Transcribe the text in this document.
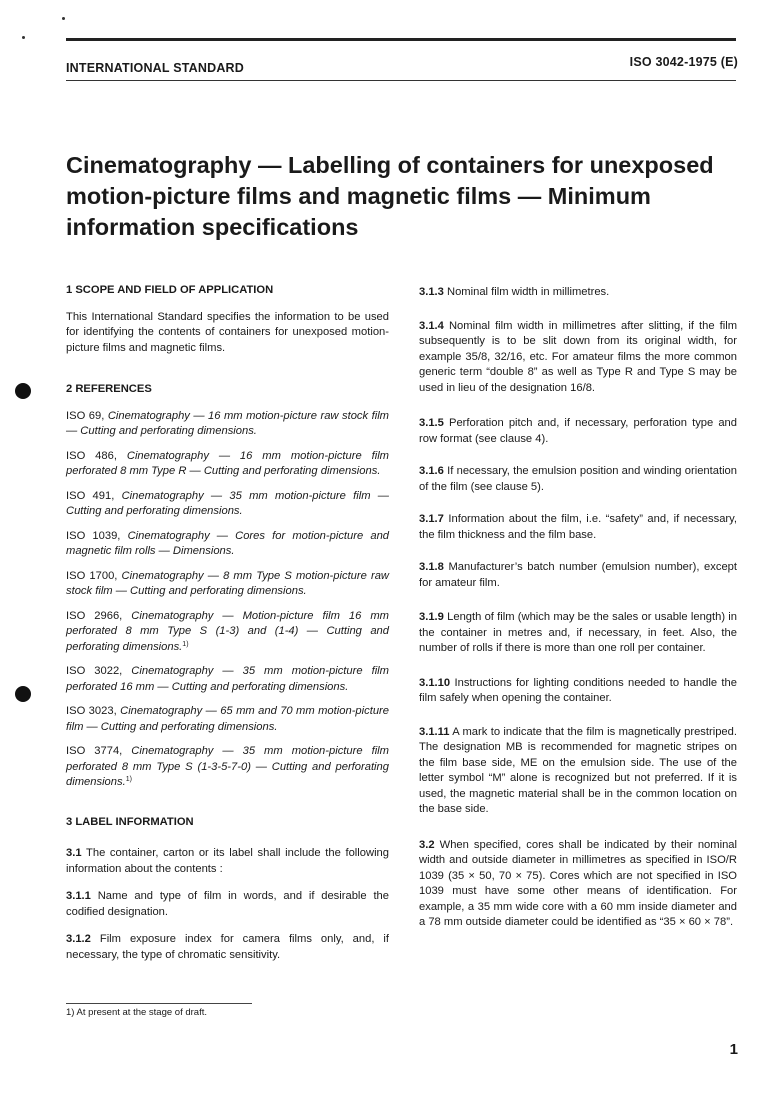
INTERNATIONAL STANDARD	ISO 3042-1975 (E)
Cinematography — Labelling of containers for unexposed motion-picture films and magnetic films — Minimum information specifications

1 SCOPE AND FIELD OF APPLICATION

This International Standard specifies the information to be used for identifying the contents of containers for unexposed motion-picture films and magnetic films.

2 REFERENCES

ISO 69, Cinematography — 16 mm motion-picture raw stock film — Cutting and perforating dimensions.

ISO 486, Cinematography — 16 mm motion-picture film perforated 8 mm Type R — Cutting and perforating dimensions.

ISO 491, Cinematography — 35 mm motion-picture film — Cutting and perforating dimensions.

ISO 1039, Cinematography — Cores for motion-picture and magnetic film rolls — Dimensions.

ISO 1700, Cinematography — 8 mm Type S motion-picture raw stock film — Cutting and perforating dimensions.

ISO 2966, Cinematography — Motion-picture film 16 mm perforated 8 mm Type S (1-3) and (1-4) — Cutting and perforating dimensions.$^{1)}$

ISO 3022, Cinematography — 35 mm motion-picture film perforated 16 mm — Cutting and perforating dimensions.

ISO 3023, Cinematography — 65 mm and 70 mm motion-picture film — Cutting and perforating dimensions.

ISO 3774, Cinematography — 35 mm motion-picture film perforated 8 mm Type S (1-3-5-7-0) — Cutting and perforating dimensions.$^{1)}$

3 LABEL INFORMATION

3.1 The container, carton or its label shall include the following information about the contents :

3.1.1 Name and type of film in words, and if desirable the codified designation.

3.1.2 Film exposure index for camera films only, and, if necessary, the type of chromatic sensitivity.

3.1.3 Nominal film width in millimetres.

3.1.4 Nominal film width in millimetres after slitting, if the film subsequently is to be slit down from its original width, for example 35/8, 32/16, etc. For amateur films the more common generic term “double 8” as well as Type R and Type S may be used in lieu of the designation 16/8.

3.1.5 Perforation pitch and, if necessary, perforation type and row format (see clause 4).

3.1.6 If necessary, the emulsion position and winding orientation of the film (see clause 5).

3.1.7 Information about the film, i.e. “safety” and, if necessary, the film thickness and the film base.

3.1.8 Manufacturer’s batch number (emulsion number), except for amateur film.

3.1.9 Length of film (which may be the sales or usable length) in the container in metres and, if necessary, in feet. Also, the number of rolls if there is more than one roll per container.

3.1.10 Instructions for lighting conditions needed to handle the film safely when opening the container.

3.1.11 A mark to indicate that the film is magnetically prestriped. The designation MB is recommended for magnetic stripes on the film base side, ME on the emulsion side. The use of the letter symbol “M” alone is recognized but not preferred. If it is used, the magnetic material shall be in the common location on the base side.

3.2 When specified, cores shall be indicated by their nominal width and outside diameter in millimetres as specified in ISO/R 1039 (35 × 50, 70 × 75). Cores which are not specified in ISO 1039 must have some other means of identification. For example, a 35 mm wide core with a 60 mm inside diameter and a 78 mm outside diameter could be identified as “35 × 60 × 78”.

1) At present at the stage of draft.
1
